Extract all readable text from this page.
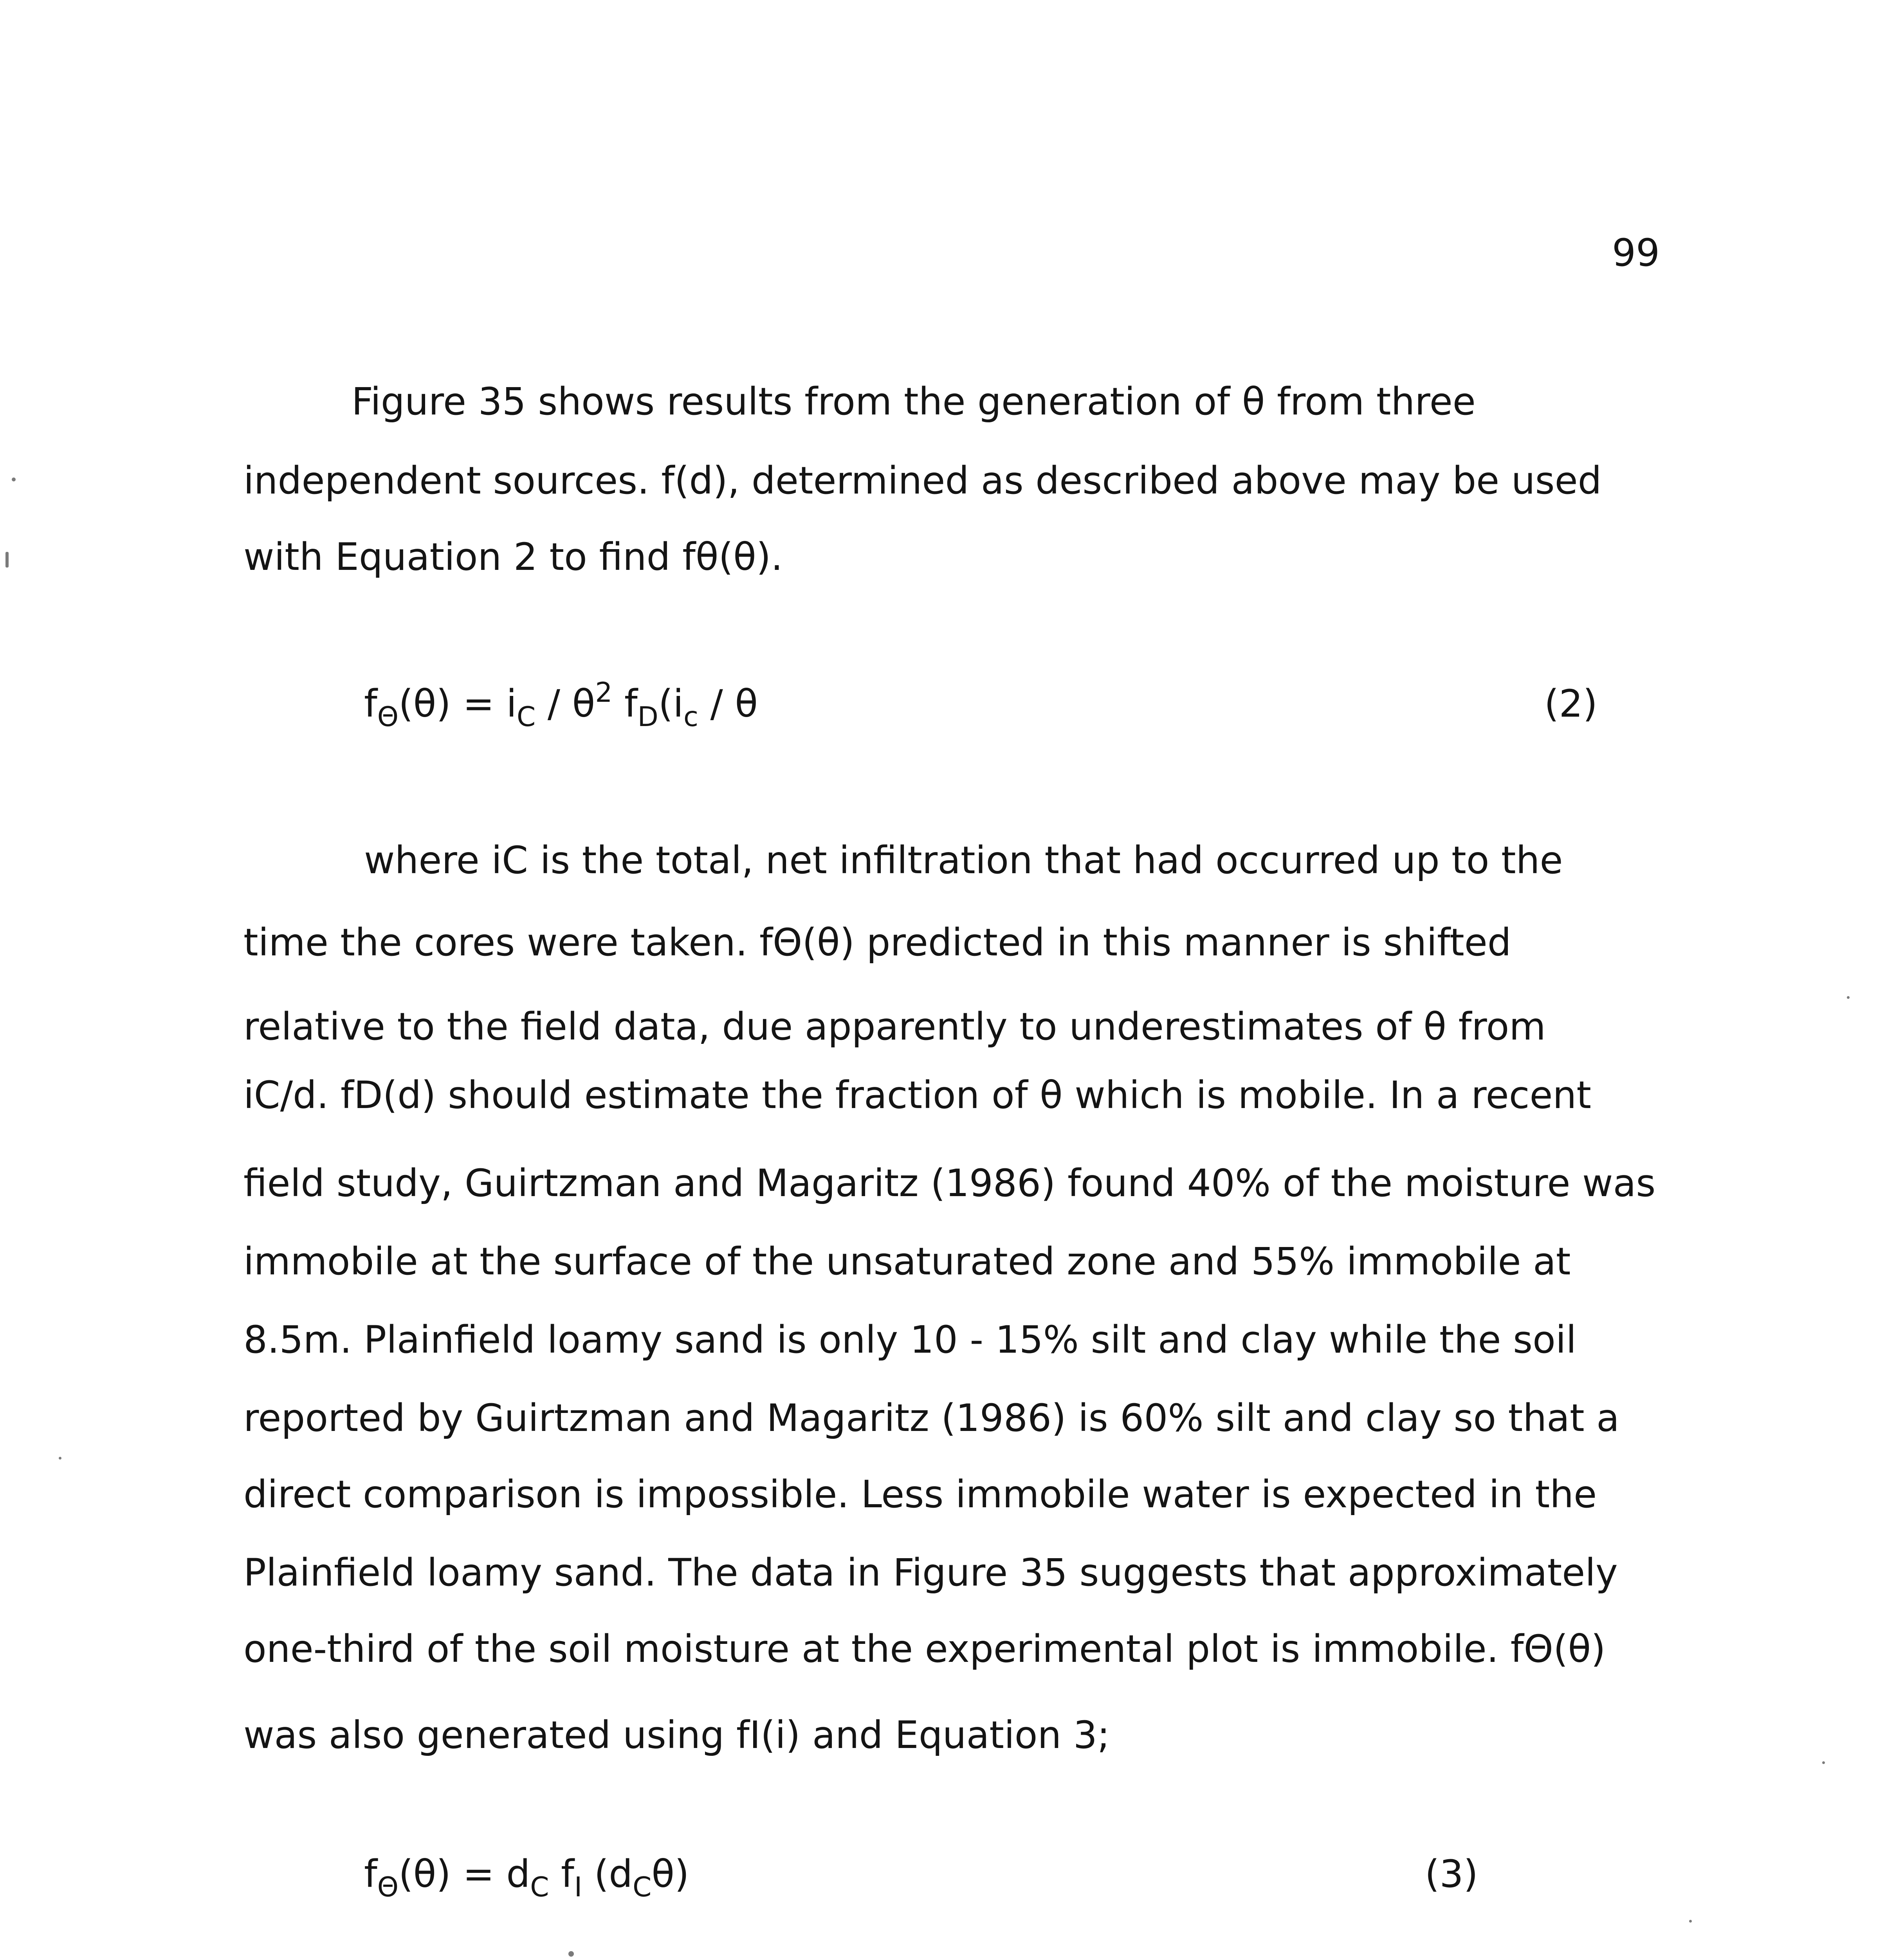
99
Figure 35 shows results from the generation of θ from three
independent sources. f(d), determined as described above may be used
with Equation 2 to find fθ(θ).
$f_\Theta(\theta) = i_C / \theta^2$ $f_D(i_c$ / θ	(2)
where iC is the total, net infiltration that had occurred up to the
time the cores were taken. fΘ(θ) predicted in this manner is shifted
relative to the field data, due apparently to underestimates of θ from
iC/d. fD(d) should estimate the fraction of θ which is mobile. In a recent
field study, Guirtzman and Magaritz (1986) found 40% of the moisture was
immobile at the surface of the unsaturated zone and 55% immobile at
8.5m. Plainfield loamy sand is only 10 - 15% silt and clay while the soil
reported by Guirtzman and Magaritz (1986) is 60% silt and clay so that a
direct comparison is impossible. Less immobile water is expected in the
Plainfield loamy sand. The data in Figure 35 suggests that approximately
one-third of the soil moisture at the experimental plot is immobile. fΘ(θ)
was also generated using fI(i) and Equation 3;
$f_\Theta(\theta) = d_C$ $f_I$ $(d_C\theta)$	(3)
